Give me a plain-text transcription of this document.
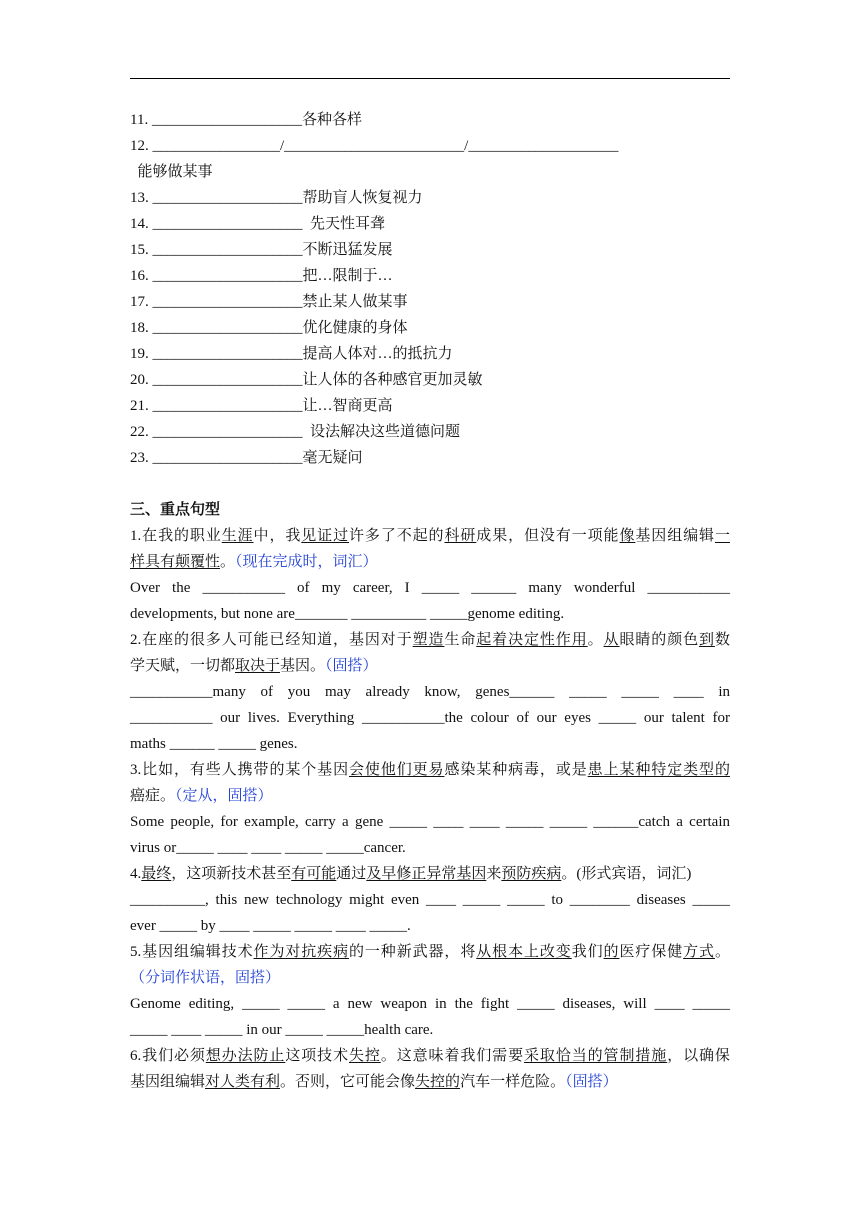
11. ____________________各种各样
12. _________________/________________________/____________________
能够做某事
13. ____________________帮助盲人恢复视力
14. ____________________  先天性耳聋
15. ____________________不断迅猛发展
16. ____________________把…限制于…
17. ____________________禁止某人做某事
18. ____________________优化健康的身体
19. ____________________提高人体对…的抵抗力
20. ____________________让人体的各种感官更加灵敏
21. ____________________让…智商更高
22. ____________________  设法解决这些道德问题
23. ____________________毫无疑问
三、重点句型
1.在我的职业生涯中，我见证过许多了不起的科研成果，但没有一项能像基因组编辑一
样具有颠覆性。（现在完成时，词汇）
Over the ___________ of my career, I _____ ______ many wonderful ___________
developments, but none are_______ __________ _____genome editing.
2.在座的很多人可能已经知道，基因对于塑造生命起着决定性作用。从眼睛的颜色到数
学天赋，一切都取决于基因。（固搭）
___________many of you may already know, genes______ _____ _____ ____ in
___________ our lives. Everything ___________the colour of our eyes _____ our talent for
maths ______ _____ genes.
3.比如，有些人携带的某个基因会使他们更易感染某种病毒，或是患上某种特定类型的
癌症。（定从，固搭）
Some people, for example, carry a gene _____ ____ ____ _____ _____ ______catch a certain
virus or_____ ____ ____ _____ _____cancer.
4.最终，这项新技术甚至有可能通过及早修正异常基因来预防疾病。(形式宾语，词汇)
__________, this new technology might even ____ _____ _____ to ________ diseases _____
ever _____ by ____ _____ _____ ____ _____.
5.基因组编辑技术作为对抗疾病的一种新武器，将从根本上改变我们的医疗保健方式。
（分词作状语，固搭）
Genome editing, _____ _____ a new weapon in the fight _____ diseases, will ____ _____
_____ ____ _____ in our _____ _____health care.
6.我们必须想办法防止这项技术失控。这意味着我们需要采取恰当的管制措施，以确保
基因组编辑对人类有利。否则，它可能会像失控的汽车一样危险。（固搭）
